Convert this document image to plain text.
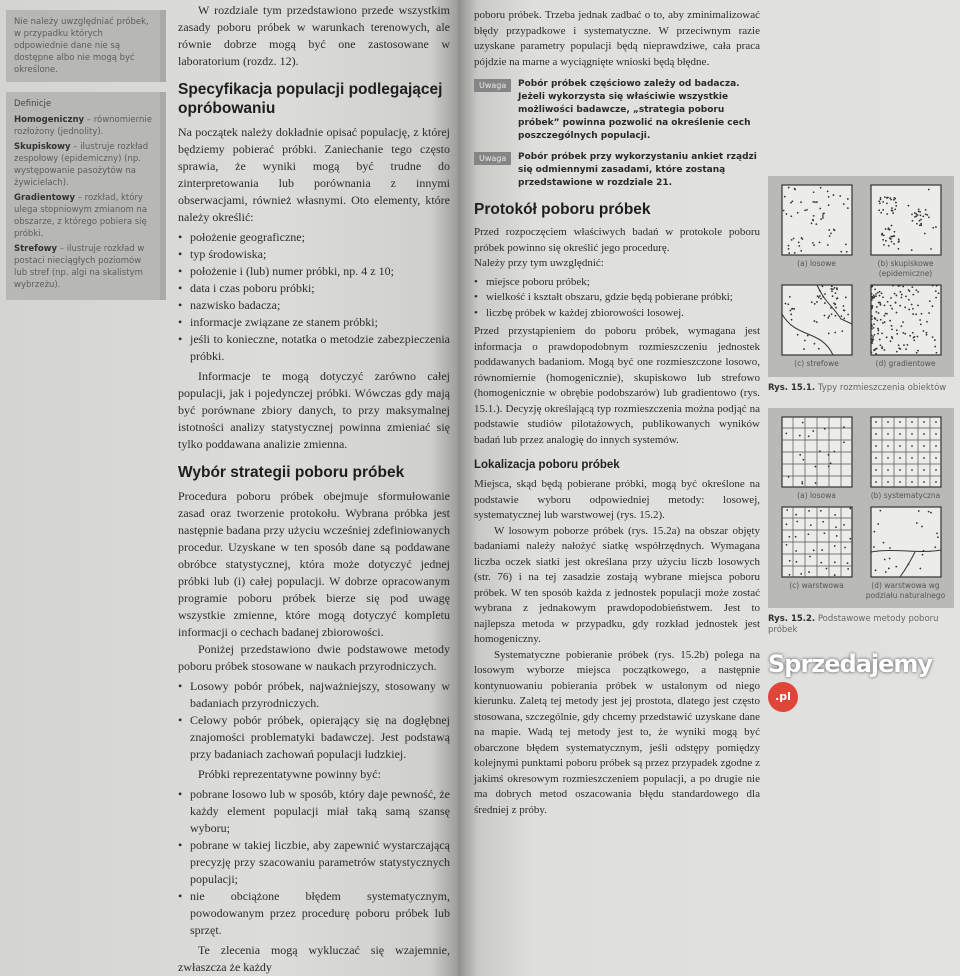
Nie należy uwzględniać próbek, w przypadku których odpowiednie dane nie są dostępne albo nie mogą być określone.
Definicje
Homogeniczny – równomiernie rozłożony (jednolity).
Skupiskowy – ilustruje rozkład zespołowy (epidemiczny) (np. występowanie pasożytów na żywicielach).
Gradientowy – rozkład, który ulega stopniowym zmianom na obszarze, z którego pobiera się próbki.
Strefowy – ilustruje rozkład w postaci nieciągłych poziomów lub stref (np. algi na skalistym wybrzeżu).

W rozdziale tym przedstawiono przede wszystkim zasady poboru próbek w warunkach terenowych, ale równie dobrze mogą być one zastosowane w laboratorium (rozdz. 12).

Specyfikacja populacji podlegającej opróbowaniu

Na początek należy dokładnie opisać populację, z której będziemy pobierać próbki. Zaniechanie tego często sprawia, że wyniki mogą być trudne do zinterpretowania lub porównania z innymi obserwacjami, również własnymi. Oto elementy, które należy określić:

• położenie geograficzne;
• typ środowiska;
• położenie i (lub) numer próbki, np. 4 z 10;
• data i czas poboru próbki;
• nazwisko badacza;
• informacje związane ze stanem próbki;
• jeśli to konieczne, notatka o metodzie zabezpieczenia próbki.

Informacje te mogą dotyczyć zarówno całej populacji, jak i pojedynczej próbki. Wówczas gdy mają być porównane zbiory danych, to przy maksymalnej istotności analizy statystycznej powinna zmieniać się tylko poddawana analizie zmienna.

Wybór strategii poboru próbek

Procedura poboru próbek obejmuje sformułowanie zasad oraz tworzenie protokołu. Wybrana próbka jest następnie badana przy użyciu wcześniej zdefiniowanych procedur. Uzyskane w ten sposób dane są poddawane obróbce statystycznej, która może dotyczyć jednej próbki lub (i) całej populacji. W dobrze opracowanym programie poboru próbek bierze się pod uwagę wszystkie zmienne, które mogą dotyczyć kompletu informacji o cechach badanej zbiorowości.

Poniżej przedstawiono dwie podstawowe metody poboru próbek stosowane w naukach przyrodniczych.

• Losowy pobór próbek, najważniejszy, stosowany w badaniach przyrodniczych.
• Celowy pobór próbek, opierający się na dogłębnej znajomości problematyki badawczej. Jest podstawą przy badaniach zachowań populacji ludzkiej.

Próbki reprezentatywne powinny być:

• pobrane losowo lub w sposób, który daje pewność, że każdy element populacji miał taką samą szansę wyboru;
• pobrane w takiej liczbie, aby zapewnić wystarczającą precyzję przy szacowaniu parametrów statystycznych populacji;
• nie obciążone błędem systematycznym, powodowanym przez procedurę poboru próbek lub sprzęt.

Te zlecenia mogą wykluczać się wzajemnie, zwłaszcza że każdy

poboru próbek. Trzeba jednak zadbać o to, aby zminimalizować błędy przypadkowe i systematyczne. W przeciwnym razie uzyskane parametry populacji będą nieprawdziwe, cała praca pójdzie na marne a wyciągnięte wnioski będą błędne.

Uwaga	Pobór próbek częściowo zależy od badacza. Jeżeli wykorzysta się właściwie wszystkie możliwości badawcze, „strategia poboru próbek” powinna pozwolić na określenie cech poszczególnych populacji.
Uwaga	Pobór próbek przy wykorzystaniu ankiet rządzi się odmiennymi zasadami, które zostaną przedstawione w rozdziale 21.
Protokół poboru próbek

Przed rozpoczęciem właściwych badań w protokole poboru próbek powinno się określić jego procedurę.

Należy przy tym uwzględnić:

• miejsce poboru próbek;
• wielkość i kształt obszaru, gdzie będą pobierane próbki;
• liczbę próbek w każdej zbiorowości losowej.

Przed przystąpieniem do poboru próbek, wymagana jest informacja o prawdopodobnym rozmieszczeniu jednostek poddawanych badaniom. Mogą być one rozmieszczone losowo, równomiernie (homogenicznie), skupiskowo lub strefowo (homogenicznie w obrębie podobszarów) lub gradientowo (rys. 15.1.). Decyzję określającą typ rozmieszczenia można podjąć na podstawie studiów pilotażowych, publikowanych wyników badań lub przez analogię do innych systemów.

Lokalizacja poboru próbek

Miejsca, skąd będą pobierane próbki, mogą być określone na podstawie wyboru odpowiedniej metody: losowej, systematycznej lub warstwowej (rys. 15.2).

W losowym poborze próbek (rys. 15.2a) na obszar objęty badaniami należy nałożyć siatkę współrzędnych. Wymagana liczba oczek siatki jest określana przy użyciu liczb losowych (str. 76) i na tej zasadzie zostają wybrane miejsca poboru próbek. W ten sposób każda z jednostek populacji może zostać wybrana z jednakowym prawdopodobieństwem. Jest to najlepsza metoda w przypadku, gdy rozkład jednostek jest homogeniczny.

Systematyczne pobieranie próbek (rys. 15.2b) polega na losowym wyborze miejsca początkowego, a następnie kontynuowaniu pobierania próbek w ustalonym od niego kierunku. Zaletą tej metody jest jej prostota, dlatego jest często stosowana, szczególnie, gdy chcemy przedstawić uzyskane dane na mapie. Wadą tej metody jest to, że wyniki mogą być obarczone błędem systematycznym, jeśli odstępy pomiędzy kolejnymi punktami poboru próbek są przez przypadek zgodne z jakimś okresowym rozmieszczeniem populacji, a po drugie nie ma dobrych metod oszacowania błędu standardowego dla średniej z próby.

(a) losowe	(b) skupiskowe (epidemiczne)
(c) strefowe	(d) gradientowe
Rys. 15.1. Typy rozmieszczenia obiektów
(a) losowa	(b) systematyczna
(c) warstwowa	(d) warstwowa wg podziału naturalnego
Rys. 15.2. Podstawowe metody poboru próbek
Sprzedajemy
.pl
